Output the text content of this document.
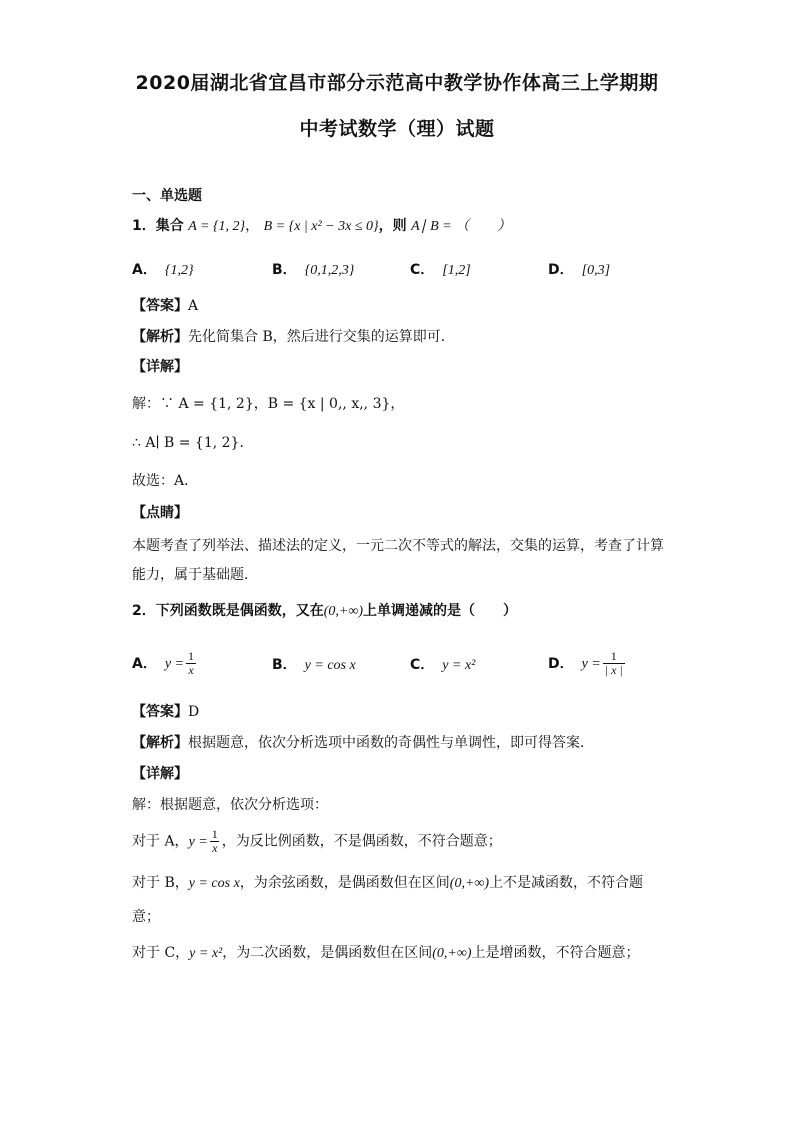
2020届湖北省宜昌市部分示范高中教学协作体高三上学期期
中考试数学（理）试题
一、单选题
1．集合 A = {1, 2}， B = {x | x² − 3x ≤ 0}，则 A∣ B = （　　）
A． {1,2}	B． {0,1,2,3}	C． [1,2]	D． [0,3]
【答案】A
【解析】先化简集合 B，然后进行交集的运算即可．
【详解】
解：∵ A = {1, 2}，B = {x | 0,, x,, 3}，
∴ A∣ B = {1, 2}．
故选：A．
【点睛】
本题考查了列举法、描述法的定义，一元二次不等式的解法，交集的运算，考查了计算
能力，属于基础题．
2．下列函数既是偶函数，又在(0,+∞)上单调递减的是（　　）
A． $y = \frac{1}{x}$	B． y = cos x	C． y = x²	D． $y = \frac{1}{| x |}$
【答案】D
【解析】根据题意，依次分析选项中函数的奇偶性与单调性，即可得答案．
【详解】
解：根据题意，依次分析选项：
对于 A，$y = \frac{1}{x}$ ，为反比例函数，不是偶函数，不符合题意；
对于 B，y = cos x，为余弦函数，是偶函数但在区间(0,+∞)上不是减函数，不符合题
意；
对于 C，y = x²，为二次函数，是偶函数但在区间(0,+∞)上是增函数，不符合题意；
